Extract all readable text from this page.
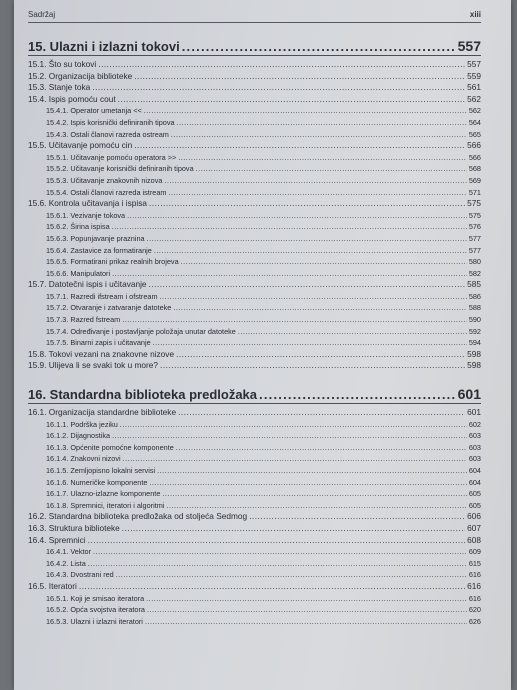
Sadržaj	xiii
15. Ulazni i izlazni tokovi .....	557
15.1. Što su tokovi .....	557
15.2. Organizacija biblioteke .....	559
15.3. Stanje toka .....	561
15.4. Ispis pomoću cout .....	562
15.4.1. Operator umetanja << .....	562
15.4.2. Ispis korisnički definiranih tipova .....	564
15.4.3. Ostali članovi razreda ostream .....	565
15.5. Učitavanje pomoću cin .....	566
15.5.1. Učitavanje pomoću operatora >> .....	566
15.5.2. Učitavanje korisnički definiranih tipova .....	568
15.5.3. Učitavanje znakovnih nizova .....	569
15.5.4. Ostali članovi razreda istream .....	571
15.6. Kontrola učitavanja i ispisa .....	575
15.6.1. Vezivanje tokova .....	575
15.6.2. Širina ispisa .....	576
15.6.3. Popunjavanje praznina .....	577
15.6.4. Zastavice za formatiranje .....	577
15.6.5. Formatirani prikaz realnih brojeva .....	580
15.6.6. Manipulatori .....	582
15.7. Datotečni ispis i učitavanje .....	585
15.7.1. Razredi ifstream i ofstream .....	586
15.7.2. Otvaranje i zatvaranje datoteke .....	588
15.7.3. Razred fstream .....	590
15.7.4. Određivanje i postavljanje položaja unutar datoteke .....	592
15.7.5. Binarni zapis i učitavanje .....	594
15.8. Tokovi vezani na znakovne nizove .....	598
15.9. Ulijeva li se svaki tok u more? .....	598
16. Standardna biblioteka predložaka .....	601
16.1. Organizacija standardne biblioteke .....	601
16.1.1. Podrška jeziku .....	602
16.1.2. Dijagnostika .....	603
16.1.3. Općenite pomoćne komponente .....	603
16.1.4. Znakovni nizovi .....	603
16.1.5. Zemljopisno lokalni servisi .....	604
16.1.6. Numeričke komponente .....	604
16.1.7. Ulazno-izlazne komponente .....	605
16.1.8. Spremnici, iteratori i algoritmi .....	605
16.2. Standardna biblioteka predložaka od stoljeća Sedmog .....	606
16.3. Struktura biblioteke .....	607
16.4. Spremnici .....	608
16.4.1. Vektor .....	609
16.4.2. Lista .....	615
16.4.3. Dvostrani red .....	616
16.5. Iteratori .....	616
16.5.1. Koji je smisao iteratora .....	616
16.5.2. Opća svojstva iteratora .....	620
16.5.3. Ulazni i izlazni iteratori .....	626
